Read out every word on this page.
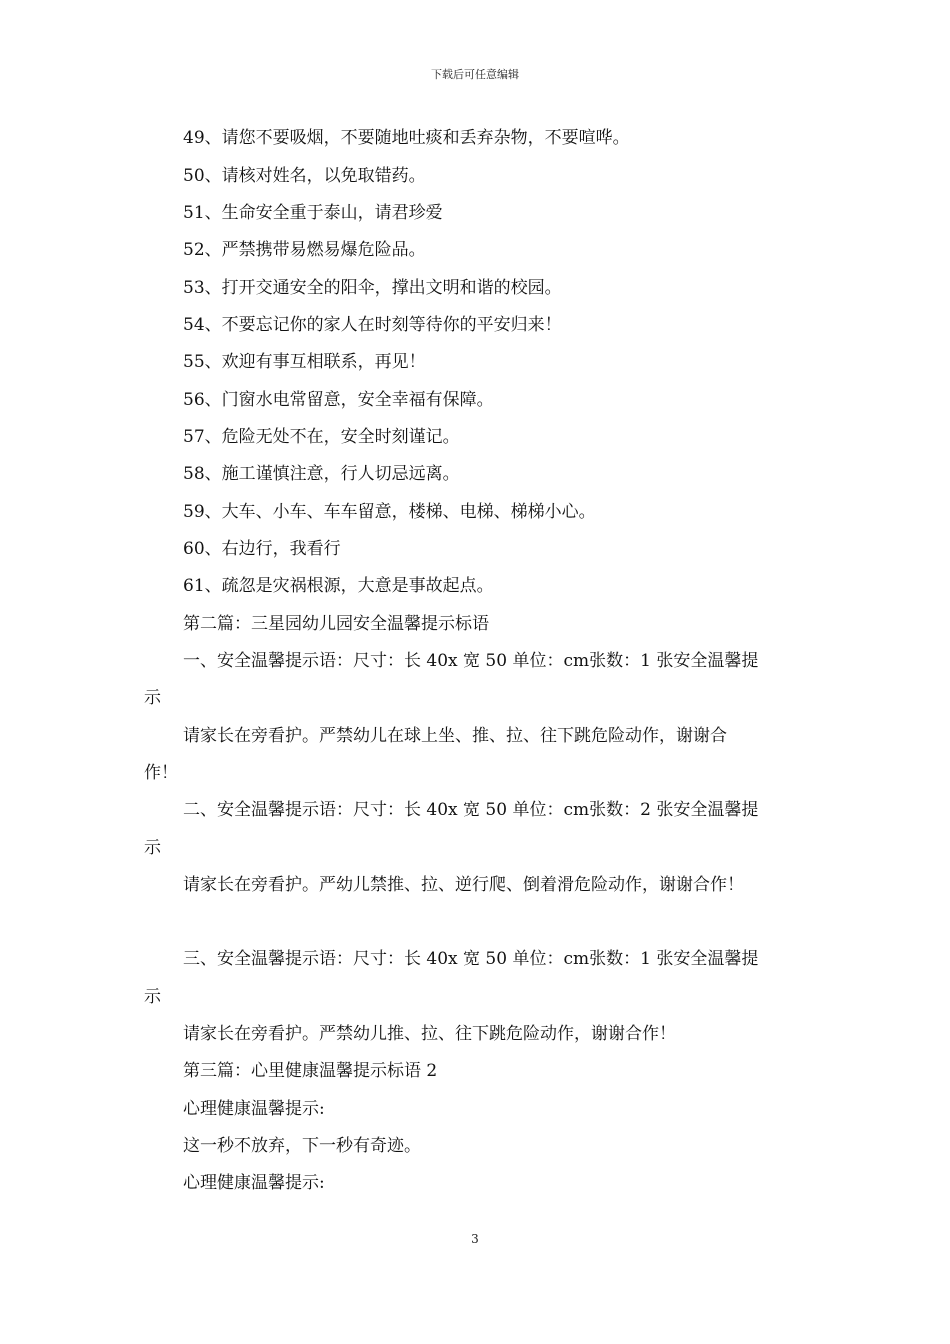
下载后可任意编辑
49、请您不要吸烟，不要随地吐痰和丢弃杂物，不要喧哗。
50、请核对姓名，以免取错药。
51、生命安全重于泰山，请君珍爱
52、严禁携带易燃易爆危险品。
53、打开交通安全的阳伞，撑出文明和谐的校园。
54、不要忘记你的家人在时刻等待你的平安归来！
55、欢迎有事互相联系，再见！
56、门窗水电常留意，安全幸福有保障。
57、危险无处不在，安全时刻谨记。
58、施工谨慎注意，行人切忌远离。
59、大车、小车、车车留意，楼梯、电梯、梯梯小心。
60、右边行，我看行
61、疏忽是灾祸根源，大意是事故起点。
第二篇：三星园幼儿园安全温馨提示标语
一、安全温馨提示语：尺寸：长 40x 宽 50 单位：cm张数：1 张安全温馨提
示
请家长在旁看护。严禁幼儿在球上坐、推、拉、往下跳危险动作，谢谢合
作！
二、安全温馨提示语：尺寸：长 40x 宽 50 单位：cm张数：2 张安全温馨提
示
请家长在旁看护。严幼儿禁推、拉、逆行爬、倒着滑危险动作，谢谢合作！
三、安全温馨提示语：尺寸：长 40x 宽 50 单位：cm张数：1 张安全温馨提
示
请家长在旁看护。严禁幼儿推、拉、往下跳危险动作，谢谢合作！
第三篇：心里健康温馨提示标语 2
心理健康温馨提示:
这一秒不放弃，下一秒有奇迹。
心理健康温馨提示:
3
